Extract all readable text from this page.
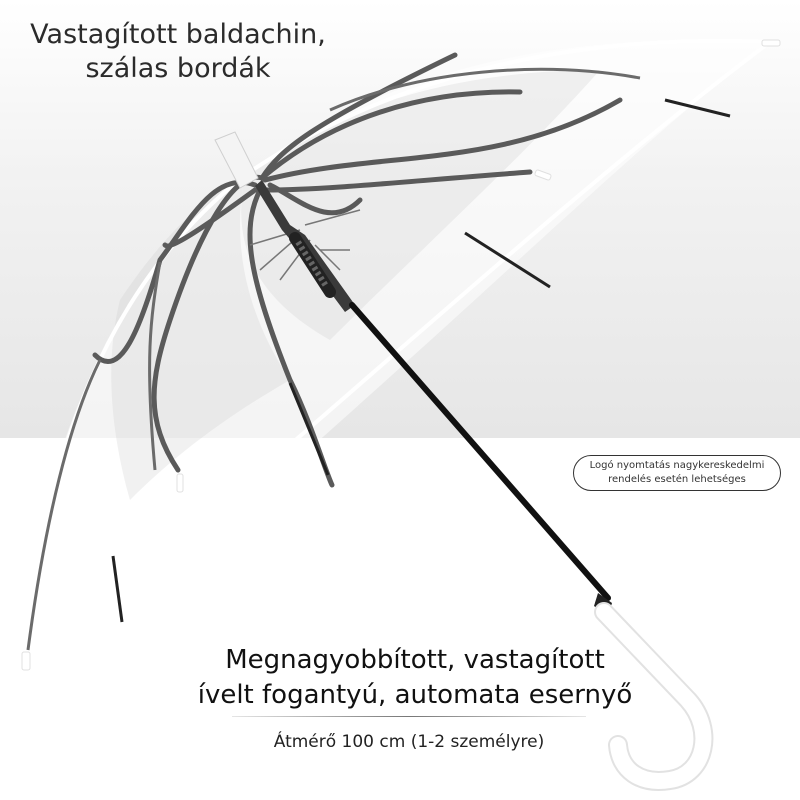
Vastagított baldachin,
szálas bordák
Logó nyomtatás nagykereskedelmi
rendelés esetén lehetséges
Megnagyobbított, vastagított
ívelt fogantyú, automata esernyő
Átmérő 100 cm (1-2 személyre)
